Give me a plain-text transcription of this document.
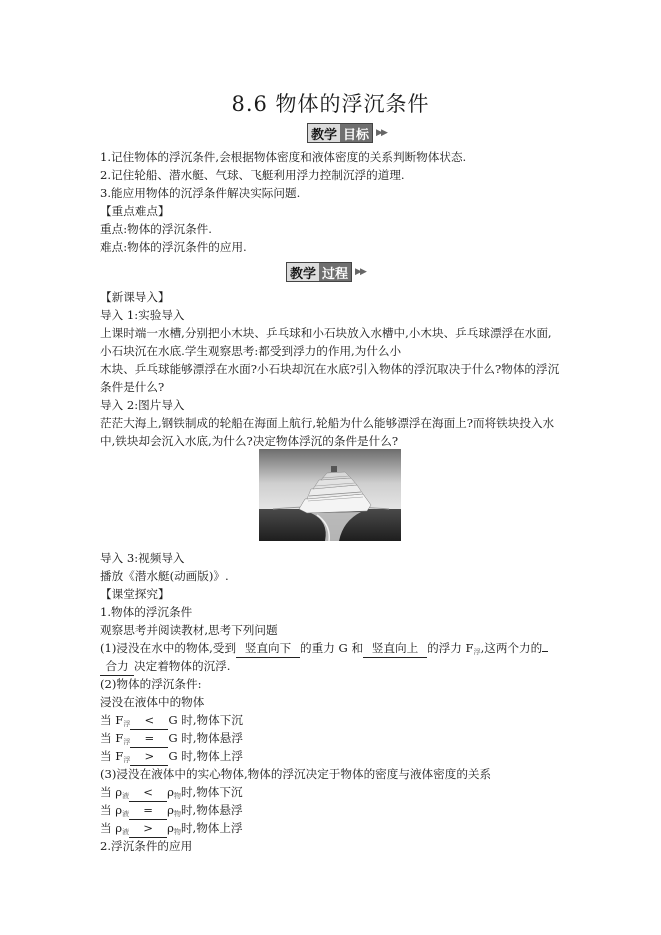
8.6 物体的浮沉条件
教学 目标 ▶▶
1.记住物体的浮沉条件,会根据物体密度和液体密度的关系判断物体状态.
2.记住轮船、潜水艇、气球、飞艇利用浮力控制沉浮的道理.
3.能应用物体的沉浮条件解决实际问题.
【重点难点】
重点:物体的浮沉条件.
难点:物体的浮沉条件的应用.
教学 过程 ▶▶
【新课导入】
导入 1:实验导入
上课时端一水槽,分别把小木块、乒乓球和小石块放入水槽中,小木块、乒乓球漂浮在水面,
小石块沉在水底.学生观察思考:都受到浮力的作用,为什么小
木块、乒乓球能够漂浮在水面?小石块却沉在水底?引入物体的浮沉取决于什么?物体的浮沉
条件是什么?
导入 2:图片导入
茫茫大海上,钢铁制成的轮船在海面上航行,轮船为什么能够漂浮在海面上?而将铁块投入水
中,铁块却会沉入水底,为什么?决定物体浮沉的条件是什么?
导入 3:视频导入
播放《潜水艇(动画版)》.
【课堂探究】
1.物体的浮沉条件
观察思考并阅读教材,思考下列问题
(1)浸没在水中的物体,受到 竖直向下 的重力 G 和 竖直向上 的浮力 $F_浮$,这两个力的
合力 决定着物体的沉浮.
(2)物体的浮沉条件:
浸没在液体中的物体
当 $F_浮 < G$ 时,物体下沉
当 $F_浮 = G$ 时,物体悬浮
当 $F_浮 > G$ 时,物体上浮
(3)浸没在液体中的实心物体,物体的浮沉决定于物体的密度与液体密度的关系
当 $\rho_液 < \rho_物$时,物体下沉
当 $\rho_液 = \rho_物$时,物体悬浮
当 $\rho_液 > \rho_物$时,物体上浮
2.浮沉条件的应用
